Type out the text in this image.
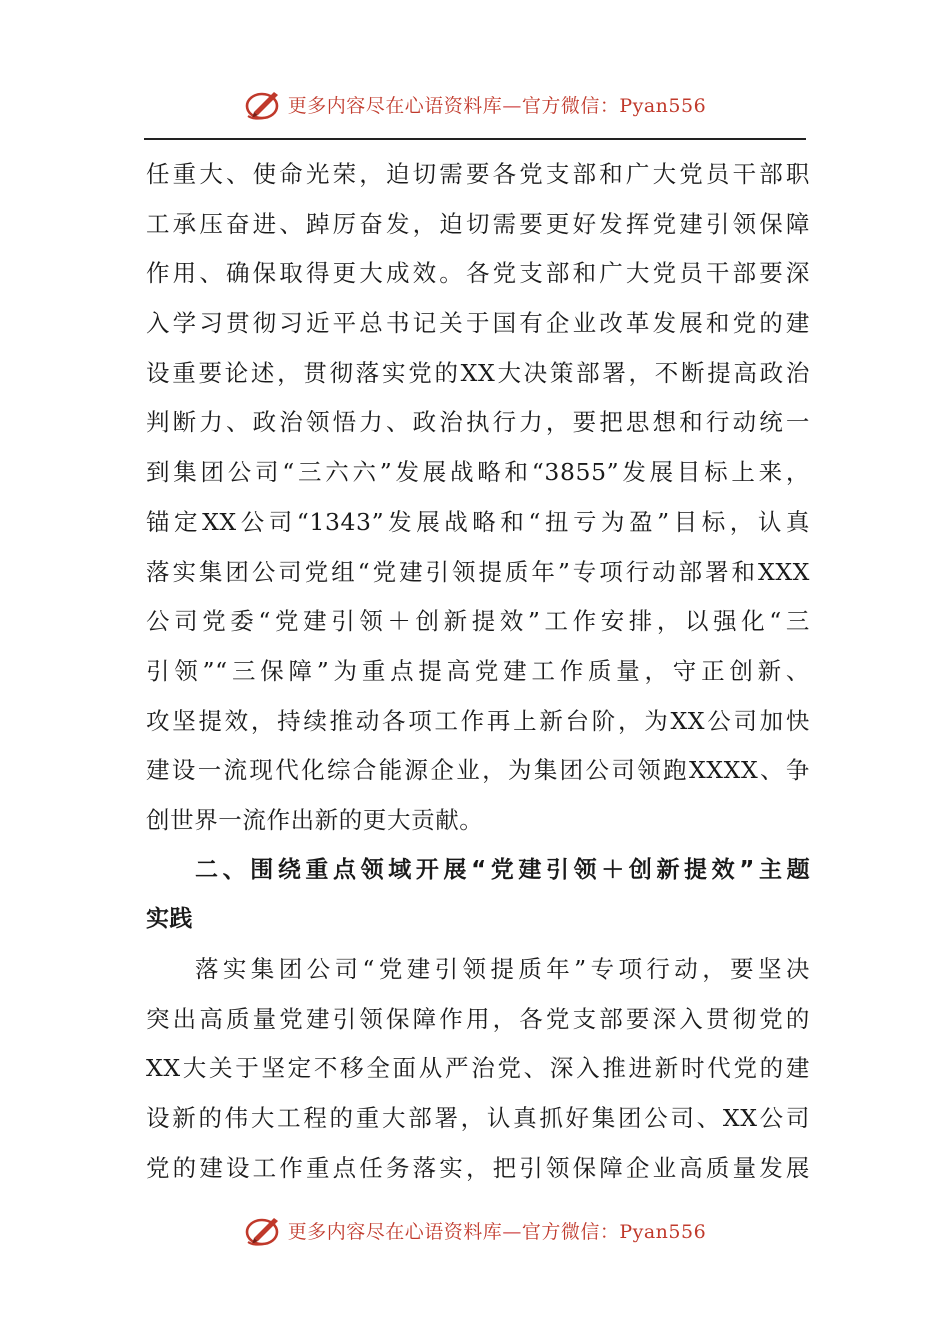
更多内容尽在心语资料库—官方微信：Pyan556
任重大、使命光荣，迫切需要各党支部和广大党员干部职
工承压奋进、踔厉奋发，迫切需要更好发挥党建引领保障
作用、确保取得更大成效。各党支部和广大党员干部要深
入学习贯彻习近平总书记关于国有企业改革发展和党的建
设重要论述，贯彻落实党的XX大决策部署，不断提高政治
判断力、政治领悟力、政治执行力，要把思想和行动统一
到集团公司“三六六”发展战略和“3855”发展目标上来，
锚定XX公司“1343”发展战略和“扭亏为盈”目标，认真
落实集团公司党组“党建引领提质年”专项行动部署和XXX
公司党委“党建引领＋创新提效”工作安排，以强化“三
引领”“三保障”为重点提高党建工作质量，守正创新、
攻坚提效，持续推动各项工作再上新台阶，为XX公司加快
建设一流现代化综合能源企业，为集团公司领跑XXXX、争
创世界一流作出新的更大贡献。
二、围绕重点领域开展“党建引领＋创新提效”主题
实践
落实集团公司“党建引领提质年”专项行动，要坚决
突出高质量党建引领保障作用，各党支部要深入贯彻党的
XX大关于坚定不移全面从严治党、深入推进新时代党的建
设新的伟大工程的重大部署，认真抓好集团公司、XX公司
党的建设工作重点任务落实，把引领保障企业高质量发展
更多内容尽在心语资料库—官方微信：Pyan556
